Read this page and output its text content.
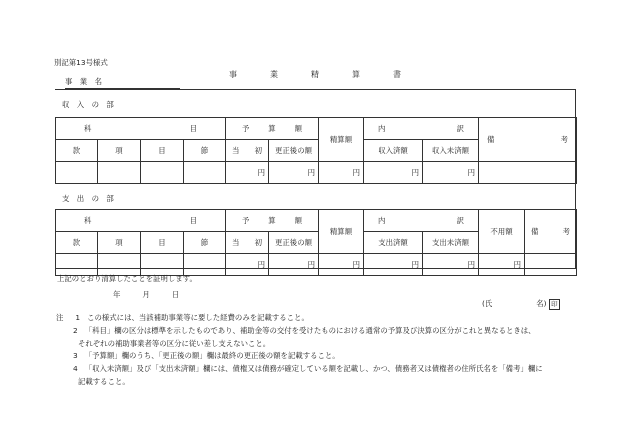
別記第13号様式
事	業	精	算	書
事　業　名
収　入　の　部
科 目				予 算 額		精算額	内 訳		備 考

款	項	目	節	当 初	更正後の額		収入済額	収入未済額	
				円	円	円	円	円	
支　出　の　部
科 目				予 算 額		精算額	内 訳		不用額	備 考

款	項	目	節	当 初	更正後の額		支出済額	支出未済額		
				円	円	円	円	円	円	
上記のとおり清算したことを証明します。
年	月	日
(氏	名) 印
注 1 この様式には、当該補助事業等に要した経費のみを記載すること。
2 「科目」欄の区分は標準を示したものであり、補助金等の交付を受けたものにおける通常の予算及び決算の区分がこれと異なるときは、
それぞれの補助事業者等の区分に従い差し支えないこと。
3 「予算額」欄のうち、「更正後の額」欄は最終の更正後の額を記載すること。
4 「収入未済額」及び「支出未済額」欄には、債権又は債務が確定している額を記載し、かつ、債務者又は債権者の住所氏名を「備考」欄に
記載すること。
